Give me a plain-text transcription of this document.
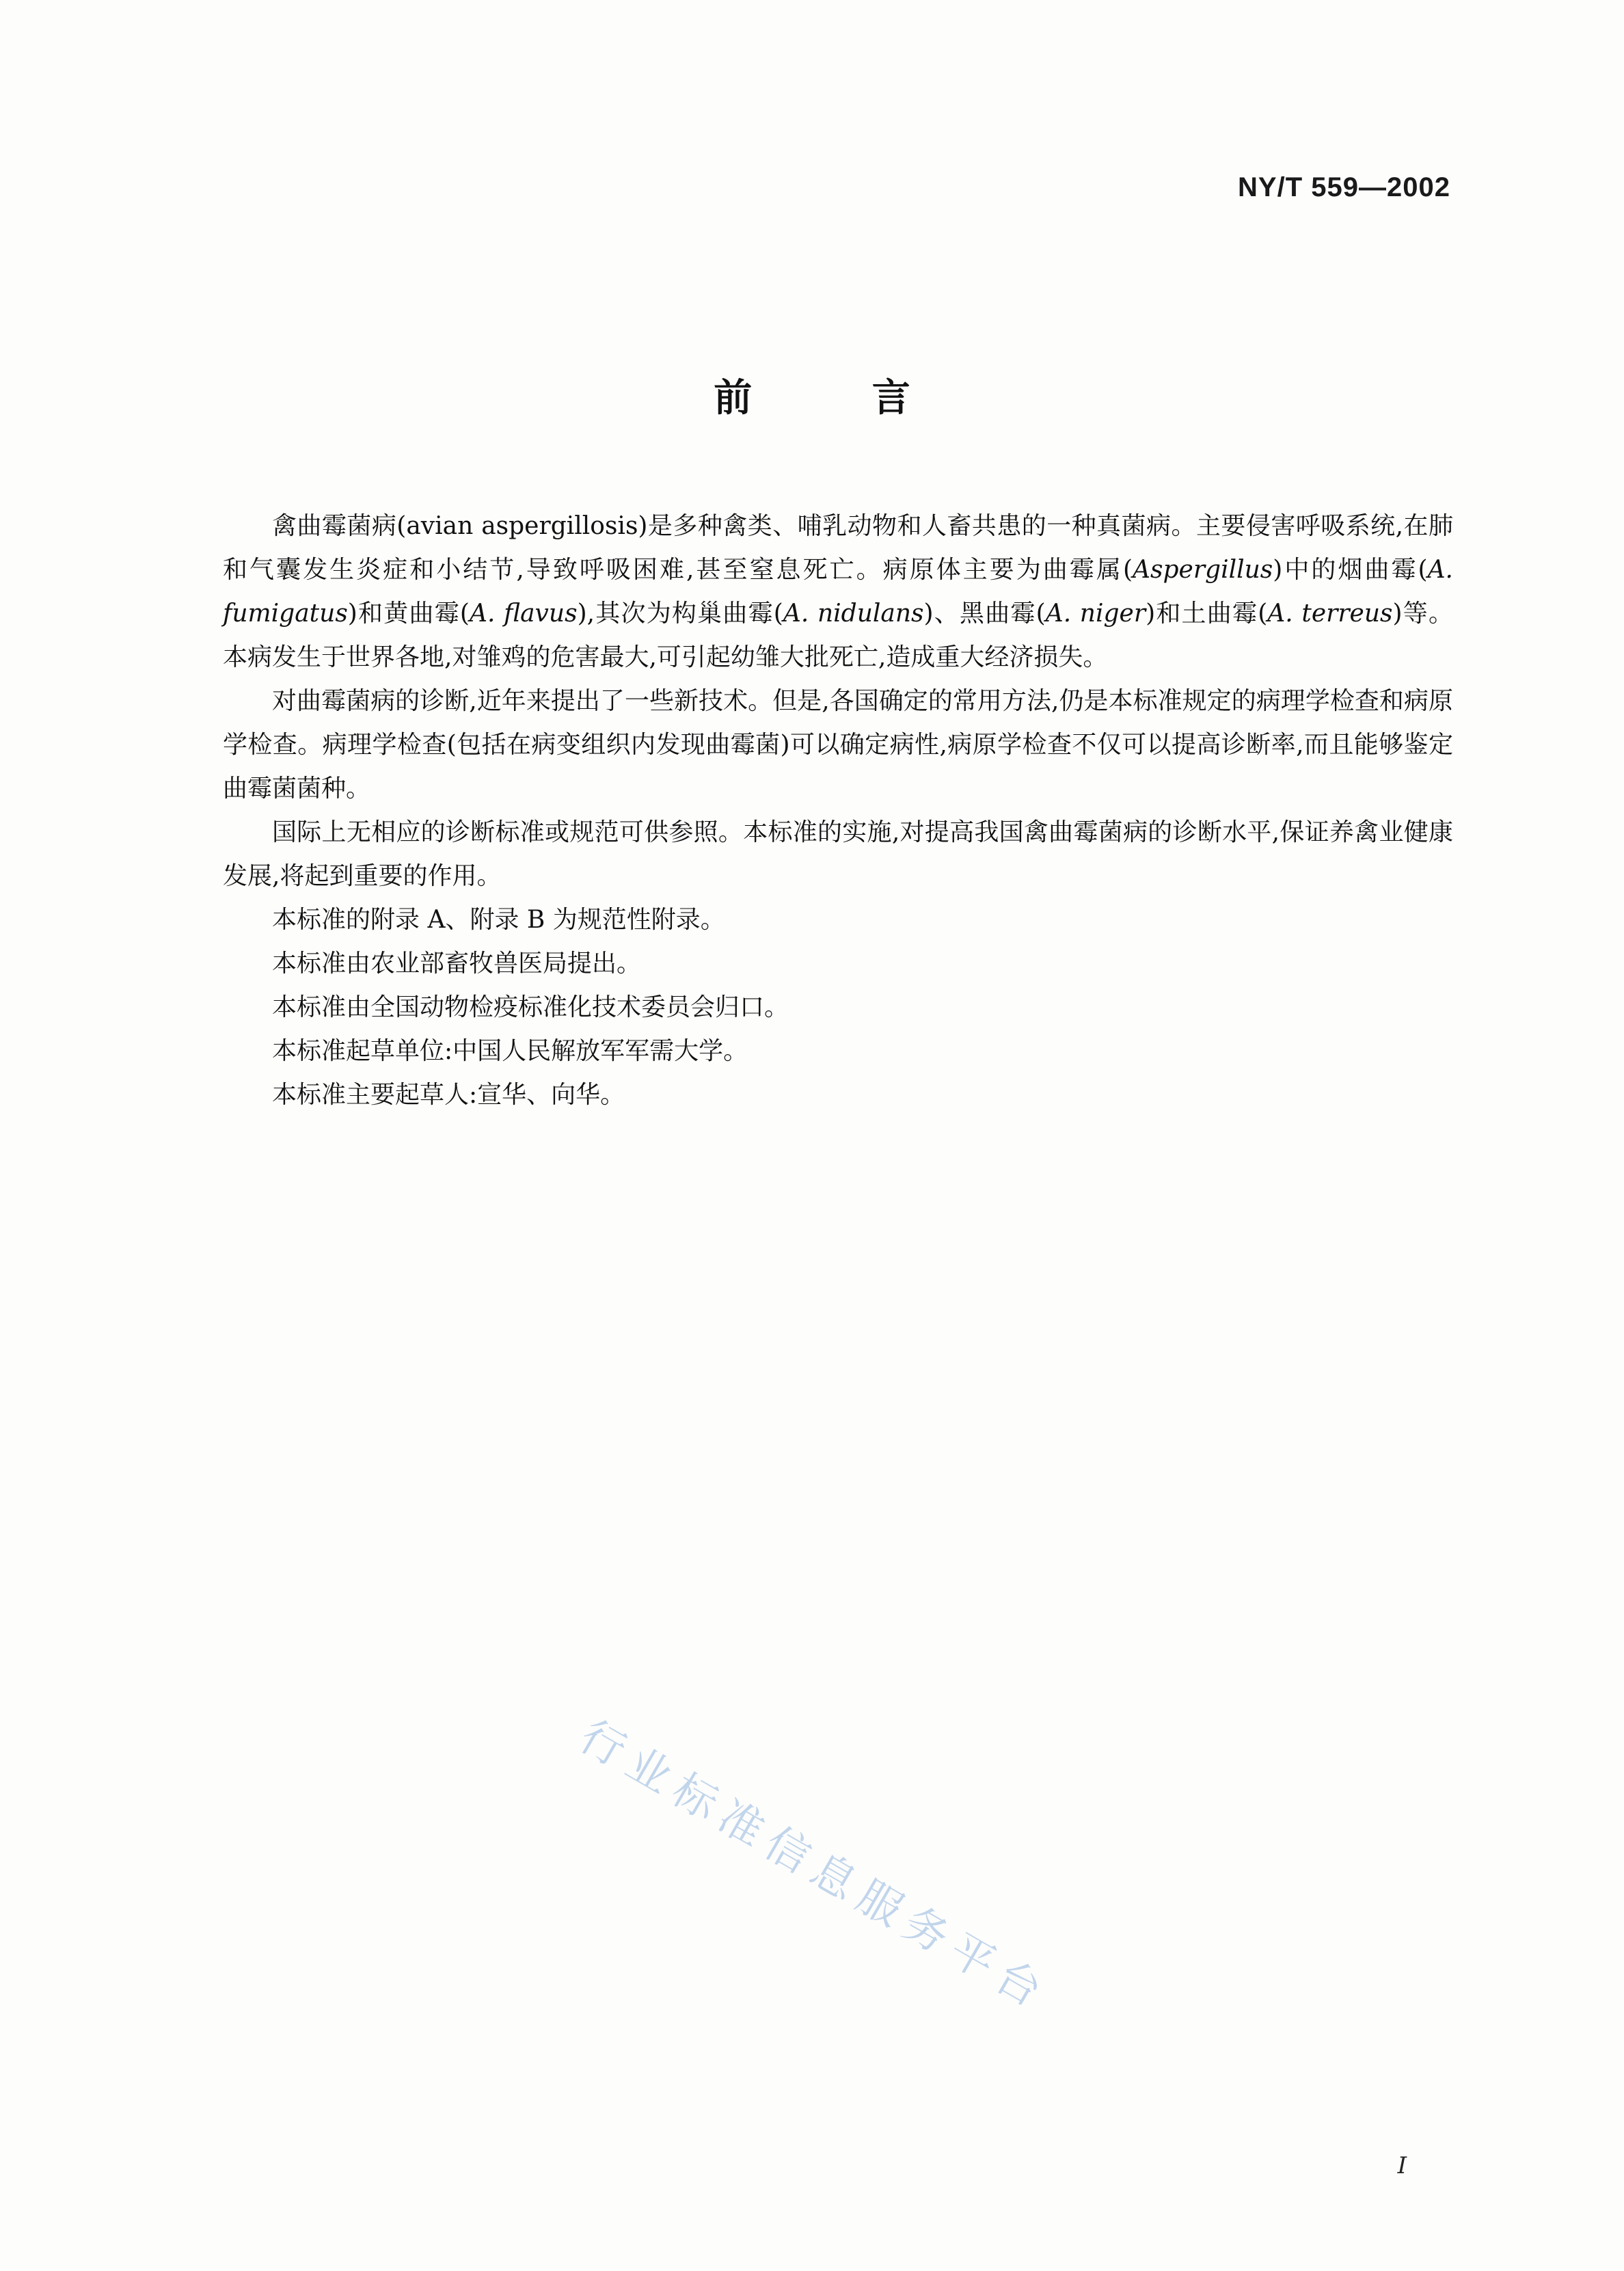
NY/T 559—2002
前 言

禽曲霉菌病(avian aspergillosis)是多种禽类、哺乳动物和人畜共患的一种真菌病。主要侵害呼吸系统,在肺和气囊发生炎症和小结节,导致呼吸困难,甚至窒息死亡。病原体主要为曲霉属(Aspergillus)中的烟曲霉(A. fumigatus)和黄曲霉(A. flavus),其次为构巢曲霉(A. nidulans)、黑曲霉(A. niger)和土曲霉(A. terreus)等。本病发生于世界各地,对雏鸡的危害最大,可引起幼雏大批死亡,造成重大经济损失。

对曲霉菌病的诊断,近年来提出了一些新技术。但是,各国确定的常用方法,仍是本标准规定的病理学检查和病原学检查。病理学检查(包括在病变组织内发现曲霉菌)可以确定病性,病原学检查不仅可以提高诊断率,而且能够鉴定曲霉菌菌种。

国际上无相应的诊断标准或规范可供参照。本标准的实施,对提高我国禽曲霉菌病的诊断水平,保证养禽业健康发展,将起到重要的作用。

本标准的附录 A、附录 B 为规范性附录。

本标准由农业部畜牧兽医局提出。

本标准由全国动物检疫标准化技术委员会归口。

本标准起草单位:中国人民解放军军需大学。

本标准主要起草人:宣华、向华。

行业标准信息服务平台
I
